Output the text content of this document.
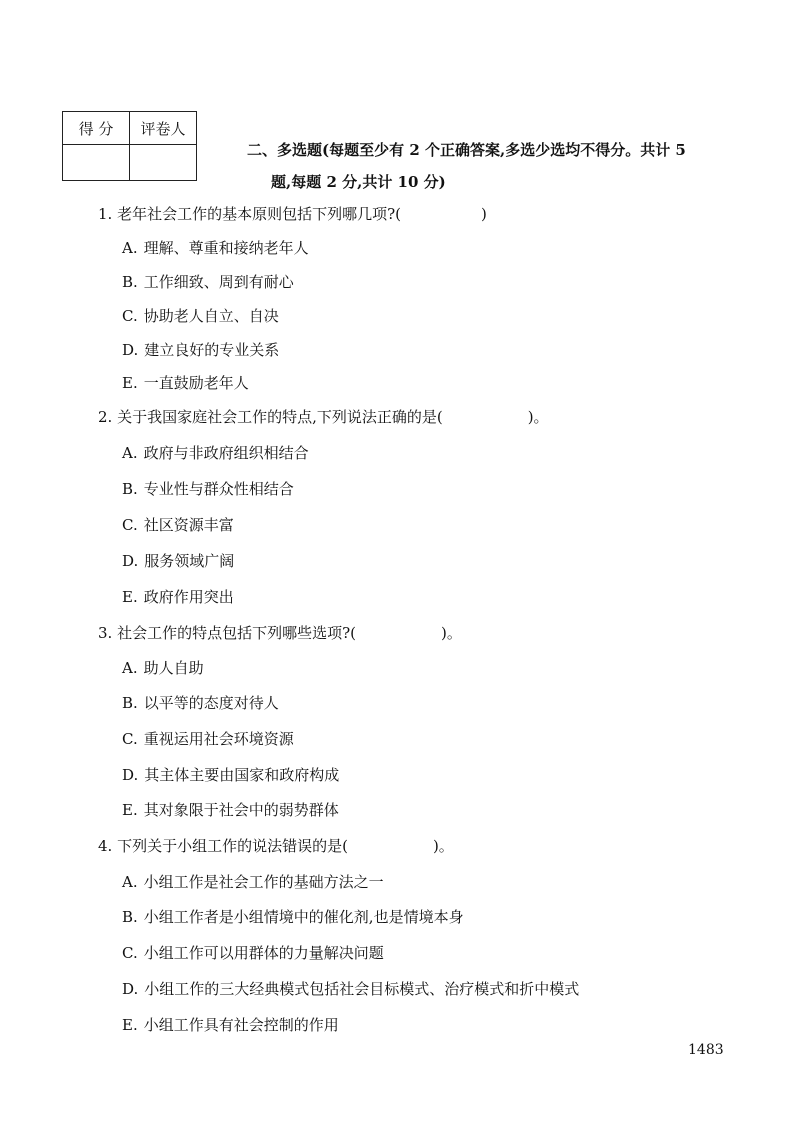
得 分	评卷人

二、多选题(每题至少有 2 个正确答案,多选少选均不得分。共计 5
题,每题 2 分,共计 10 分)
1. 老年社会工作的基本原则包括下列哪几项?(	)
A. 理解、尊重和接纳老年人
B. 工作细致、周到有耐心
C. 协助老人自立、自决
D. 建立良好的专业关系
E. 一直鼓励老年人
2. 关于我国家庭社会工作的特点,下列说法正确的是(	)。
A. 政府与非政府组织相结合
B. 专业性与群众性相结合
C. 社区资源丰富
D. 服务领域广阔
E. 政府作用突出
3. 社会工作的特点包括下列哪些选项?(	)。
A. 助人自助
B. 以平等的态度对待人
C. 重视运用社会环境资源
D. 其主体主要由国家和政府构成
E. 其对象限于社会中的弱势群体
4. 下列关于小组工作的说法错误的是(	)。
A. 小组工作是社会工作的基础方法之一
B. 小组工作者是小组情境中的催化剂,也是情境本身
C. 小组工作可以用群体的力量解决问题
D. 小组工作的三大经典模式包括社会目标模式、治疗模式和折中模式
E. 小组工作具有社会控制的作用
1483
